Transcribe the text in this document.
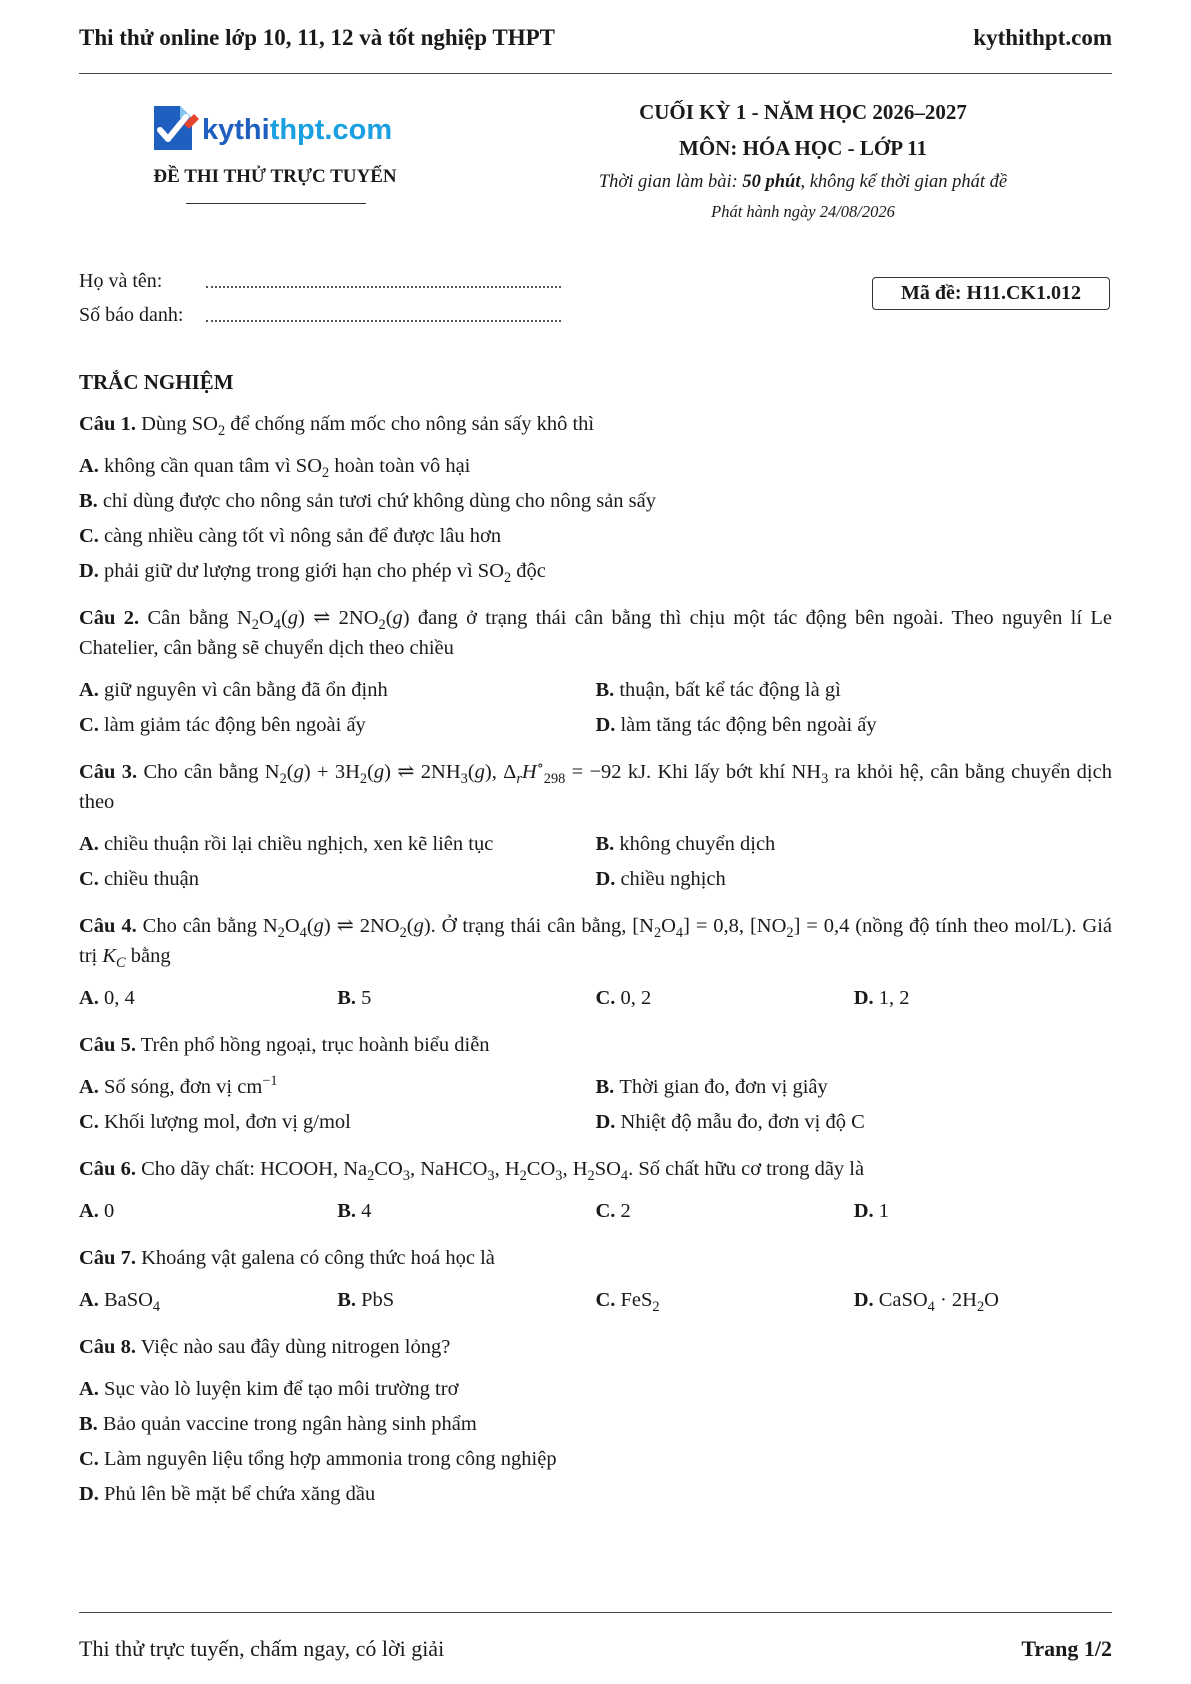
Thi thử online lớp 10, 11, 12 và tốt nghiệp THPT	kythithpt.com
kythithpt.com
ĐỀ THI THỬ TRỰC TUYẾN
CUỐI KỲ 1 - NĂM HỌC 2026–2027
MÔN: HÓA HỌC - LỚP 11
Thời gian làm bài: 50 phút, không kể thời gian phát đề
Phát hành ngày 24/08/2026
Họ và tên:
Số báo danh:
Mã đề: H11.CK1.012
TRẮC NGHIỆM
Câu 1. Dùng $SO_2$ để chống nấm mốc cho nông sản sấy khô thì
A. không cần quan tâm vì $SO_2$ hoàn toàn vô hại
B. chỉ dùng được cho nông sản tươi chứ không dùng cho nông sản sấy
C. càng nhiều càng tốt vì nông sản để được lâu hơn
D. phải giữ dư lượng trong giới hạn cho phép vì $SO_2$ độc
Câu 2. Cân bằng $N_2O_4(g)$ ⇌ $2NO_2(g)$ đang ở trạng thái cân bằng thì chịu một tác động bên ngoài. Theo nguyên lí Le Chatelier, cân bằng sẽ chuyển dịch theo chiều
A. giữ nguyên vì cân bằng đã ổn định	B. thuận, bất kể tác động là gì
C. làm giảm tác động bên ngoài ấy	D. làm tăng tác động bên ngoài ấy
Câu 3. Cho cân bằng $N_2(g) + 3H_2(g)$ ⇌ $2NH_3(g)$, $\Delta_rH^\circ_{298} = -92$ kJ. Khi lấy bớt khí $NH_3$ ra khỏi hệ, cân bằng chuyển dịch theo
A. chiều thuận rồi lại chiều nghịch, xen kẽ liên tục	B. không chuyển dịch
C. chiều thuận	D. chiều nghịch
Câu 4. Cho cân bằng $N_2O_4(g)$ ⇌ $2NO_2(g)$. Ở trạng thái cân bằng, $[N_2O_4] = 0,8$, $[NO_2] = 0,4$ (nồng độ tính theo mol/L). Giá trị $K_C$ bằng
A. 0, 4	B. 5	C. 0, 2	D. 1, 2
Câu 5. Trên phổ hồng ngoại, trục hoành biểu diễn
A. Số sóng, đơn vị $cm^{-1}$	B. Thời gian đo, đơn vị giây
C. Khối lượng mol, đơn vị g/mol	D. Nhiệt độ mẫu đo, đơn vị độ C
Câu 6. Cho dãy chất: HCOOH, $Na_2CO_3$, NaHCO$_3$, $H_2CO_3$, $H_2SO_4$. Số chất hữu cơ trong dãy là
A. 0	B. 4	C. 2	D. 1
Câu 7. Khoáng vật galena có công thức hoá học là
A. BaSO$_4$	B. PbS	C. FeS$_2$	D. CaSO$_4$ · $2H_2O$
Câu 8. Việc nào sau đây dùng nitrogen lỏng?
A. Sục vào lò luyện kim để tạo môi trường trơ
B. Bảo quản vaccine trong ngân hàng sinh phẩm
C. Làm nguyên liệu tổng hợp ammonia trong công nghiệp
D. Phủ lên bề mặt bể chứa xăng dầu
Thi thử trực tuyến, chấm ngay, có lời giải	Trang 1/2
